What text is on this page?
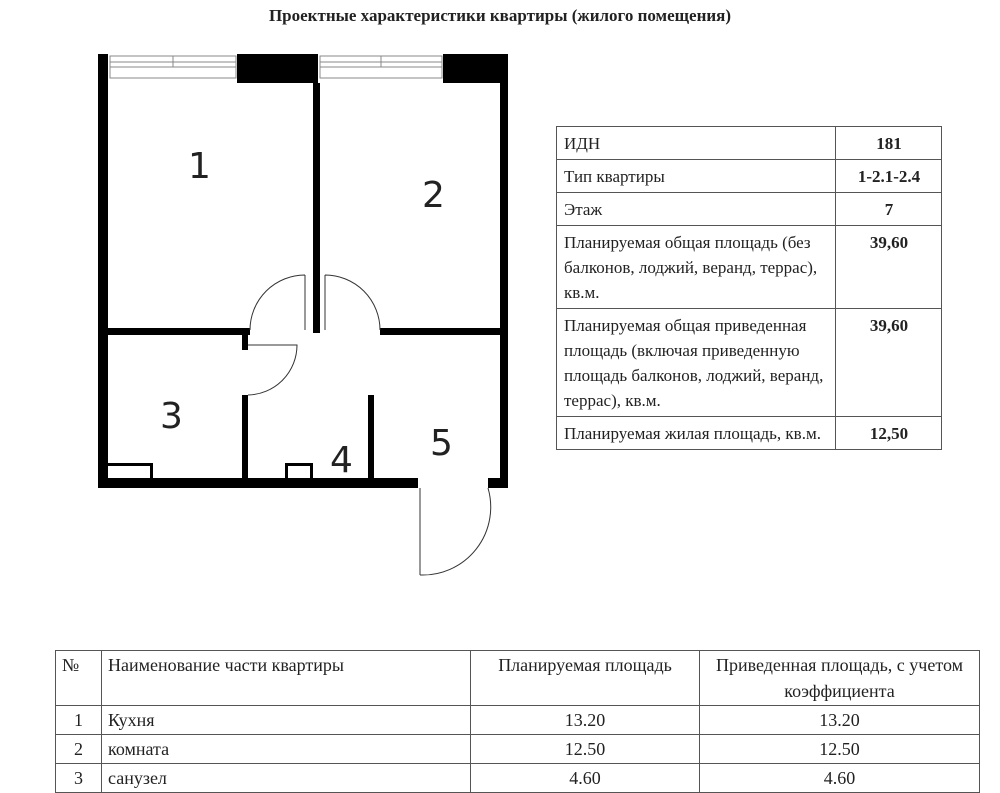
Проектные характеристики квартиры (жилого помещения)
1
2
3
4 5
ИДН	181
Тип квартиры	1-2.1-2.4
Этаж	7
Планируемая общая площадь (без балконов, лоджий, веранд, террас), кв.м.	39,60
Планируемая общая приведенная площадь (включая приведенную площадь балконов, лоджий, веранд, террас), кв.м.	39,60
Планируемая жилая площадь, кв.м.	12,50
№	Наименование части квартиры	Планируемая площадь	Приведенная площадь, с учетом коэффициента
1	Кухня	13.20	13.20
2	комната	12.50	12.50
3	санузел	4.60	4.60
